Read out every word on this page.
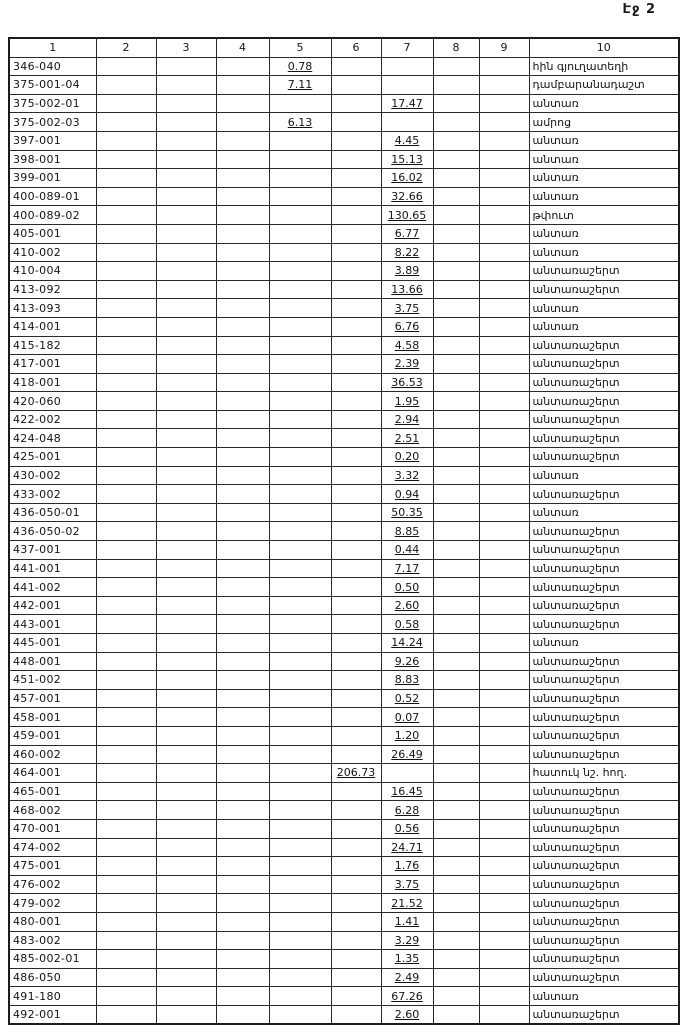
Էջ 2
1	2	3	4	5	6	7	8	9	10
346-040				0.78					հին գյուղատեղի
375-001-04				7.11					դամբարանադաշտ
375-002-01						17.47			անտառ
375-002-03				6.13					ամրոց
397-001						4.45			անտառ
398-001						15.13			անտառ
399-001						16.02			անտառ
400-089-01						32.66			անտառ
400-089-02						130.65			թփուտ
405-001						6.77			անտառ
410-002						8.22			անտառ
410-004						3.89			անտառաշերտ
413-092						13.66			անտառաշերտ
413-093						3.75			անտառ
414-001						6.76			անտառ
415-182						4.58			անտառաշերտ
417-001						2.39			անտառաշերտ
418-001						36.53			անտառաշերտ
420-060						1.95			անտառաշերտ
422-002						2.94			անտառաշերտ
424-048						2.51			անտառաշերտ
425-001						0.20			անտառաշերտ
430-002						3.32			անտառ
433-002						0.94			անտառաշերտ
436-050-01						50.35			անտառ
436-050-02						8.85			անտառաշերտ
437-001						0.44			անտառաշերտ
441-001						7.17			անտառաշերտ
441-002						0.50			անտառաշերտ
442-001						2.60			անտառաշերտ
443-001						0.58			անտառաշերտ
445-001						14.24			անտառ
448-001						9.26			անտառաշերտ
451-002						8.83			անտառաշերտ
457-001						0.52			անտառաշերտ
458-001						0.07			անտառաշերտ
459-001						1.20			անտառաշերտ
460-002						26.49			անտառաշերտ
464-001					206.73				հատուկ նշ. հող.
465-001						16.45			անտառաշերտ
468-002						6.28			անտառաշերտ
470-001						0.56			անտառաշերտ
474-002						24.71			անտառաշերտ
475-001						1.76			անտառաշերտ
476-002						3.75			անտառաշերտ
479-002						21.52			անտառաշերտ
480-001						1.41			անտառաշերտ
483-002						3.29			անտառաշերտ
485-002-01						1.35			անտառաշերտ
486-050						2.49			անտառաշերտ
491-180						67.26			անտառ
492-001						2.60			անտառաշերտ
